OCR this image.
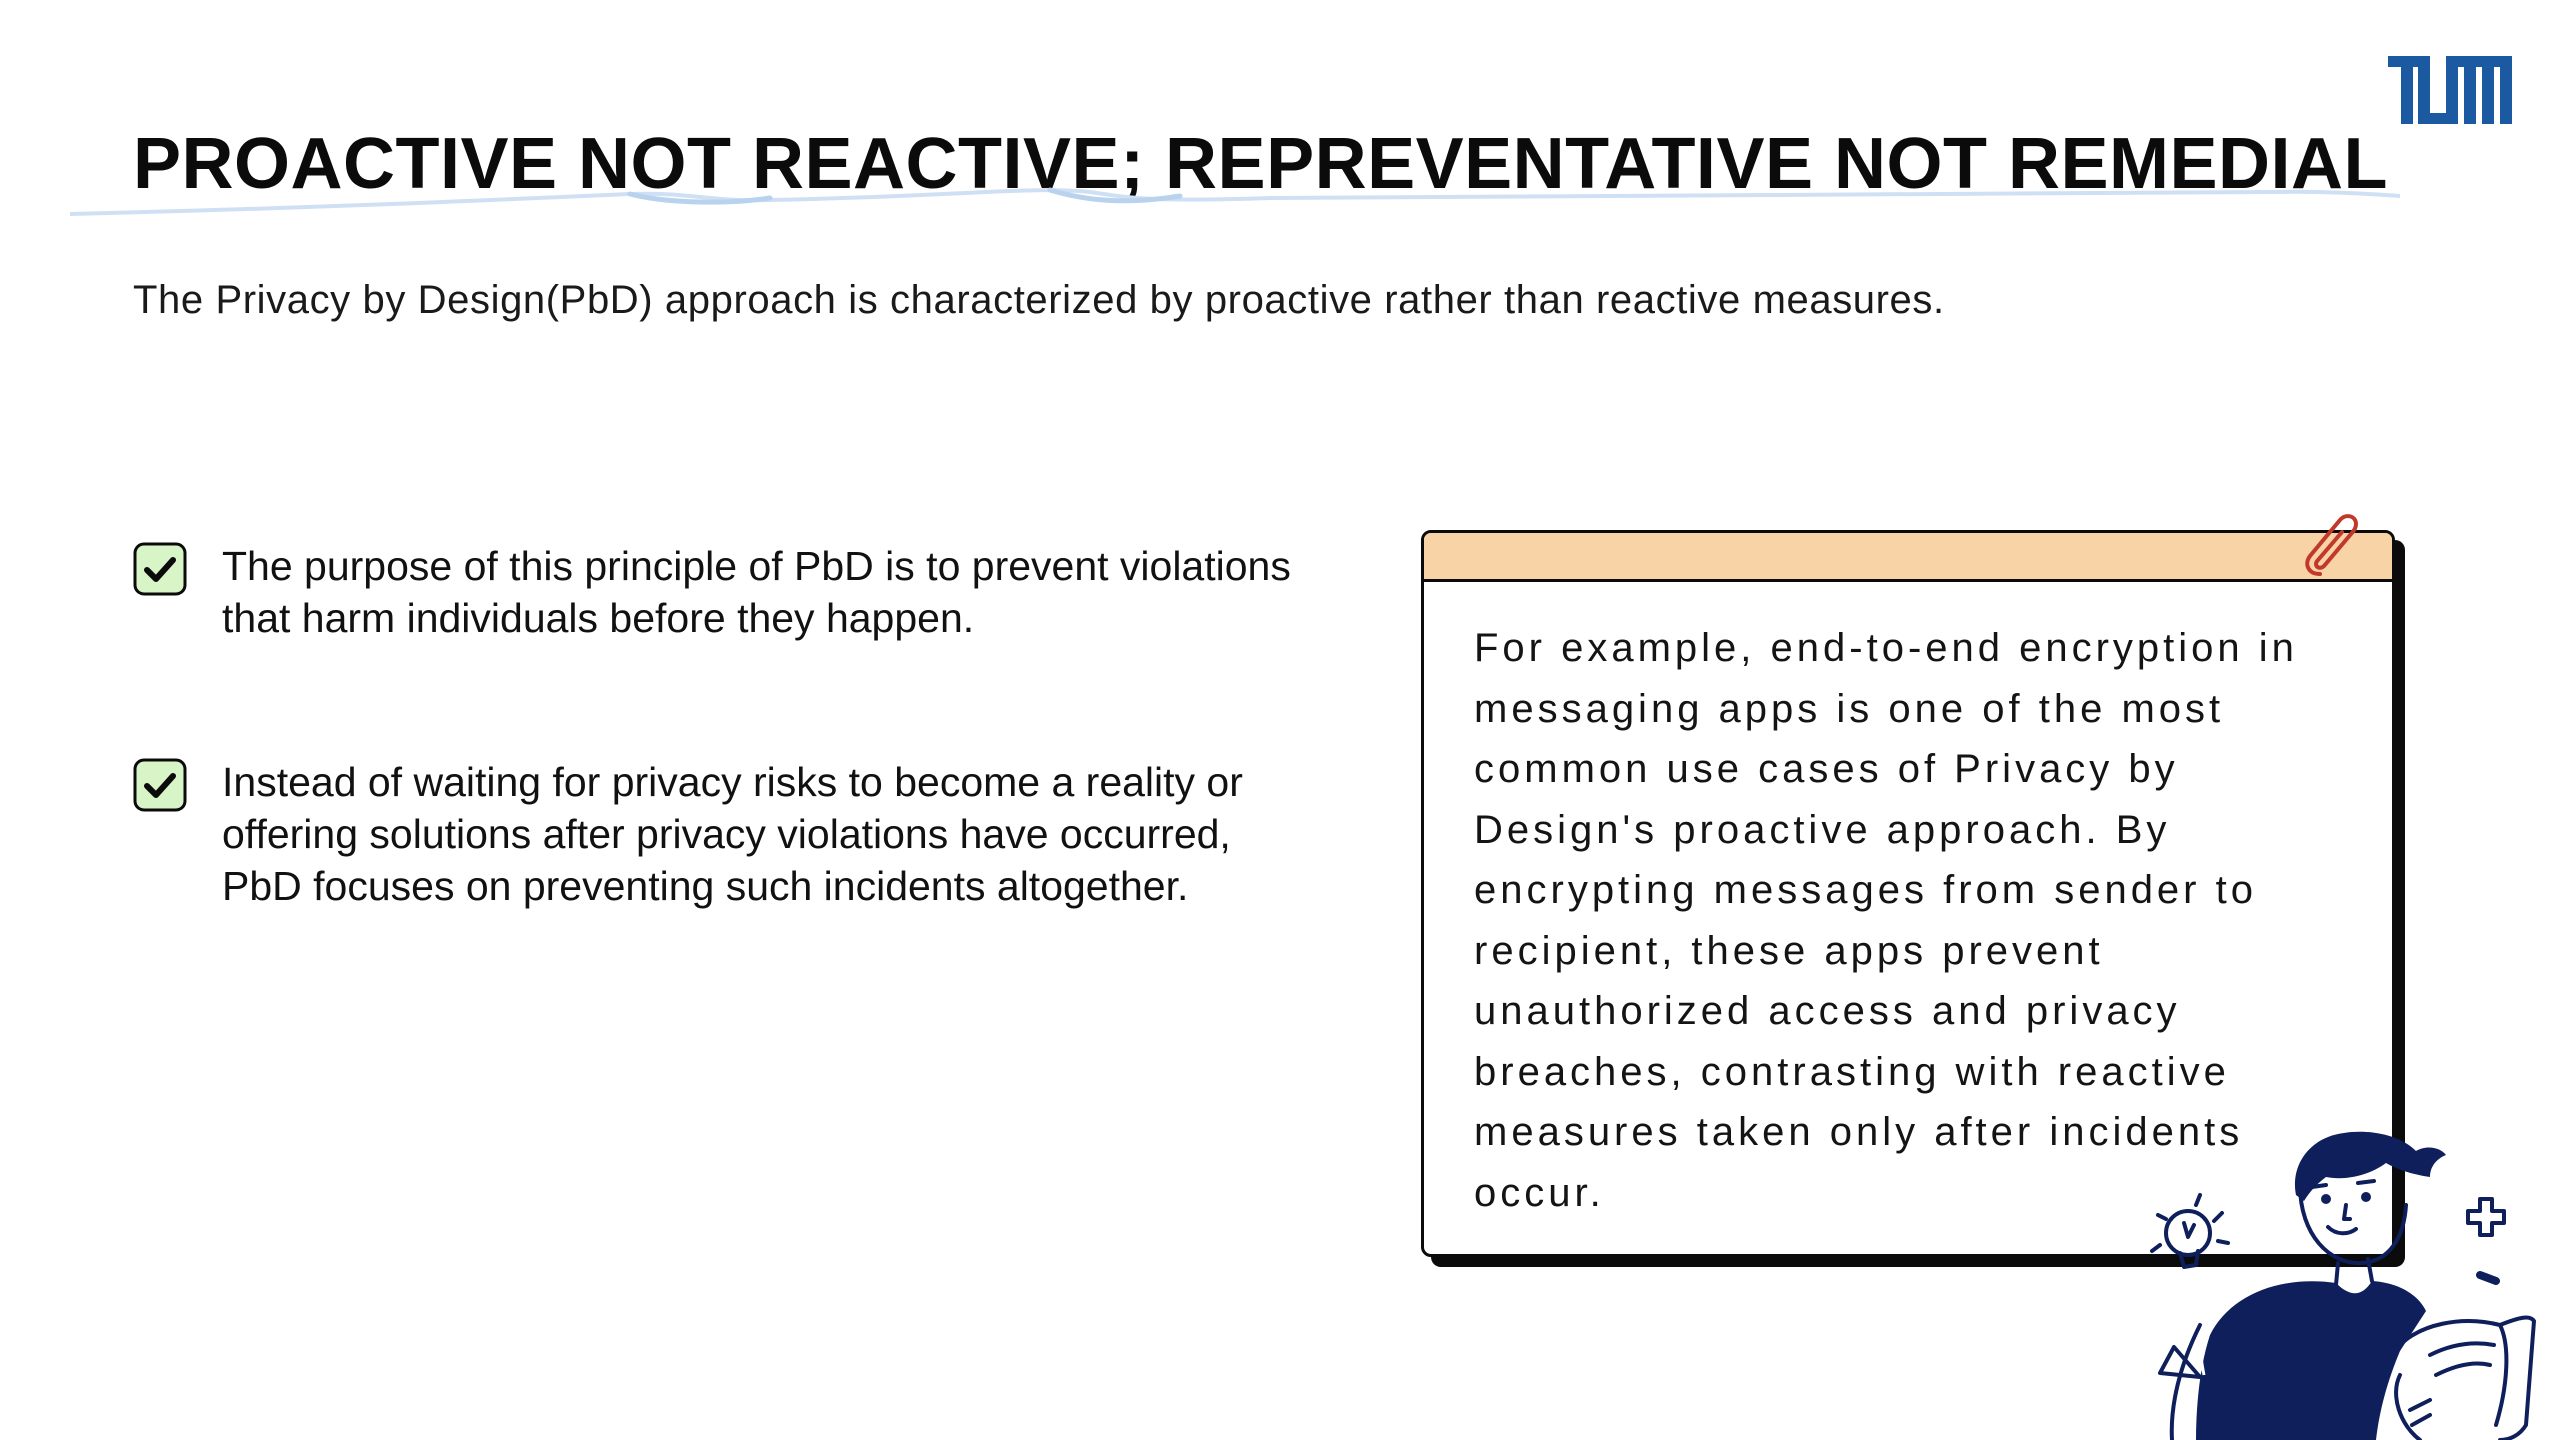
PROACTIVE NOT REACTIVE; REPREVENTATIVE NOT REMEDIAL

The Privacy by Design(PbD) approach is characterized by proactive rather than reactive measures.

The purpose of this principle of PbD is to prevent violations that harm individuals before they happen.
Instead of waiting for privacy risks to become a reality or offering solutions after privacy violations have occurred, PbD focuses on preventing such incidents altogether.

For example, end-to-end encryption in messaging apps is one of the most common use cases of Privacy by Design's proactive approach. By encrypting messages from sender to recipient, these apps prevent unauthorized access and privacy breaches, contrasting with reactive measures taken only after incidents occur.
